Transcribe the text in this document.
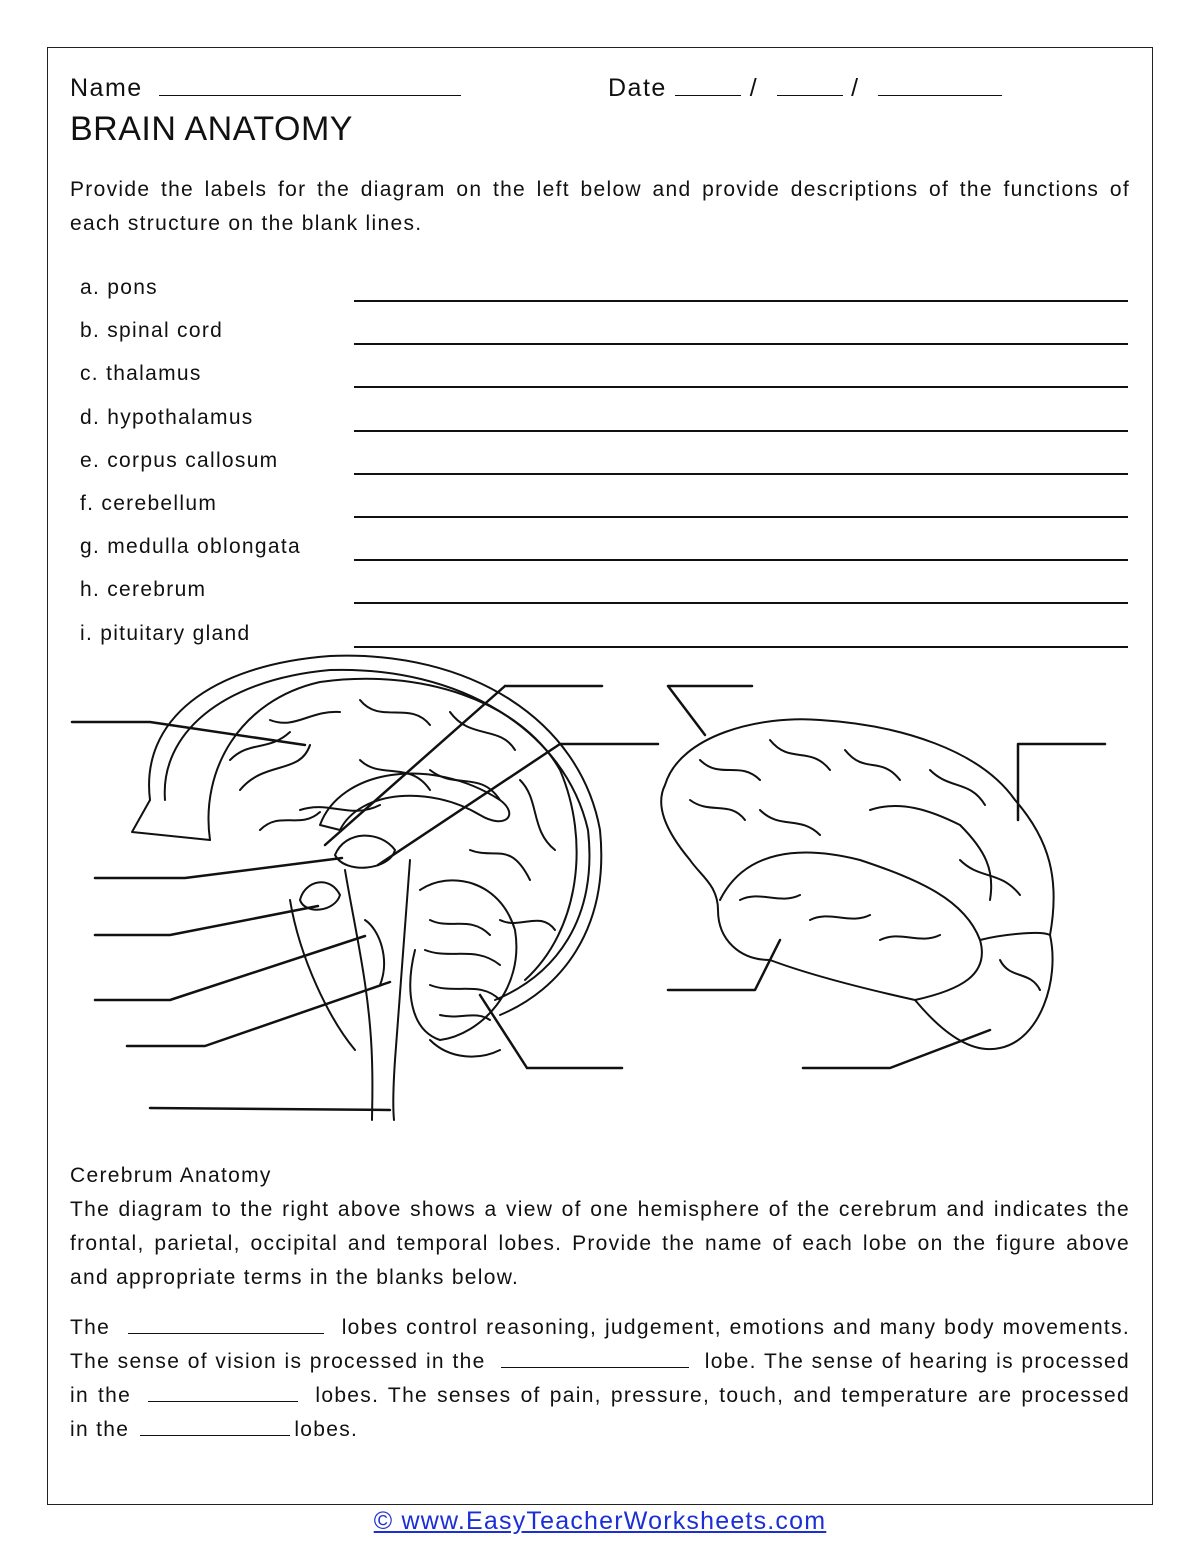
Name	Date	/	/
BRAIN ANATOMY

Provide the labels for the diagram on the left below and provide descriptions of the functions of each structure on the blank lines.

a. pons
b. spinal cord
c. thalamus
d. hypothalamus
e. corpus callosum
f. cerebellum
g. medulla oblongata
h. cerebrum
i. pituitary gland
Cerebrum Anatomy

The diagram to the right above shows a view of one hemisphere of the cerebrum and indicates the frontal, parietal, occipital and temporal lobes. Provide the name of each lobe on the figure above and appropriate terms in the blanks below.

The	lobes control reasoning, judgement, emotions and many body movements. The sense of vision is processed in the	lobe. The sense of hearing is processed in the	lobes. The senses of pain, pressure, touch, and temperature are processed in the	lobes.

© www.EasyTeacherWorksheets.com
